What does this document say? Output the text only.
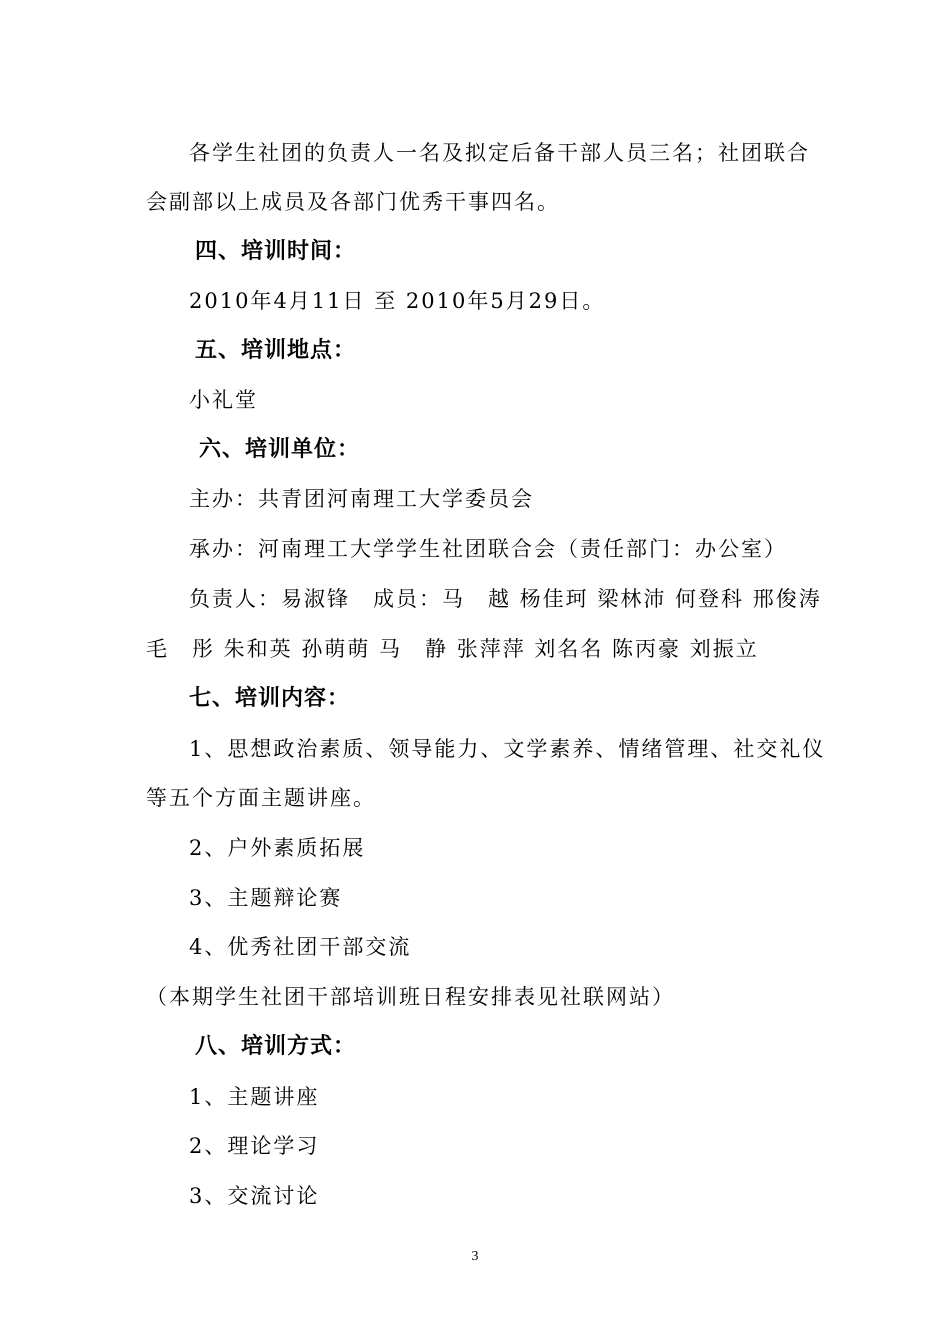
各学生社团的负责人一名及拟定后备干部人员三名；社团联合
会副部以上成员及各部门优秀干事四名。
四、培训时间：
2010年4月11日 至 2010年5月29日。
五、培训地点：
小礼堂
六、培训单位：
主办：共青团河南理工大学委员会
承办：河南理工大学学生社团联合会（责任部门：办公室）
负责人：易淑锋　成员：马　越 杨佳珂 梁林沛 何登科 邢俊涛
毛　彤 朱和英 孙萌萌 马　静 张萍萍 刘名名 陈丙豪 刘振立
七、培训内容：
1、思想政治素质、领导能力、文学素养、情绪管理、社交礼仪
等五个方面主题讲座。
2、户外素质拓展
3、主题辩论赛
4、优秀社团干部交流
（本期学生社团干部培训班日程安排表见社联网站）
八、培训方式：
1、主题讲座
2、理论学习
3、交流讨论
3
